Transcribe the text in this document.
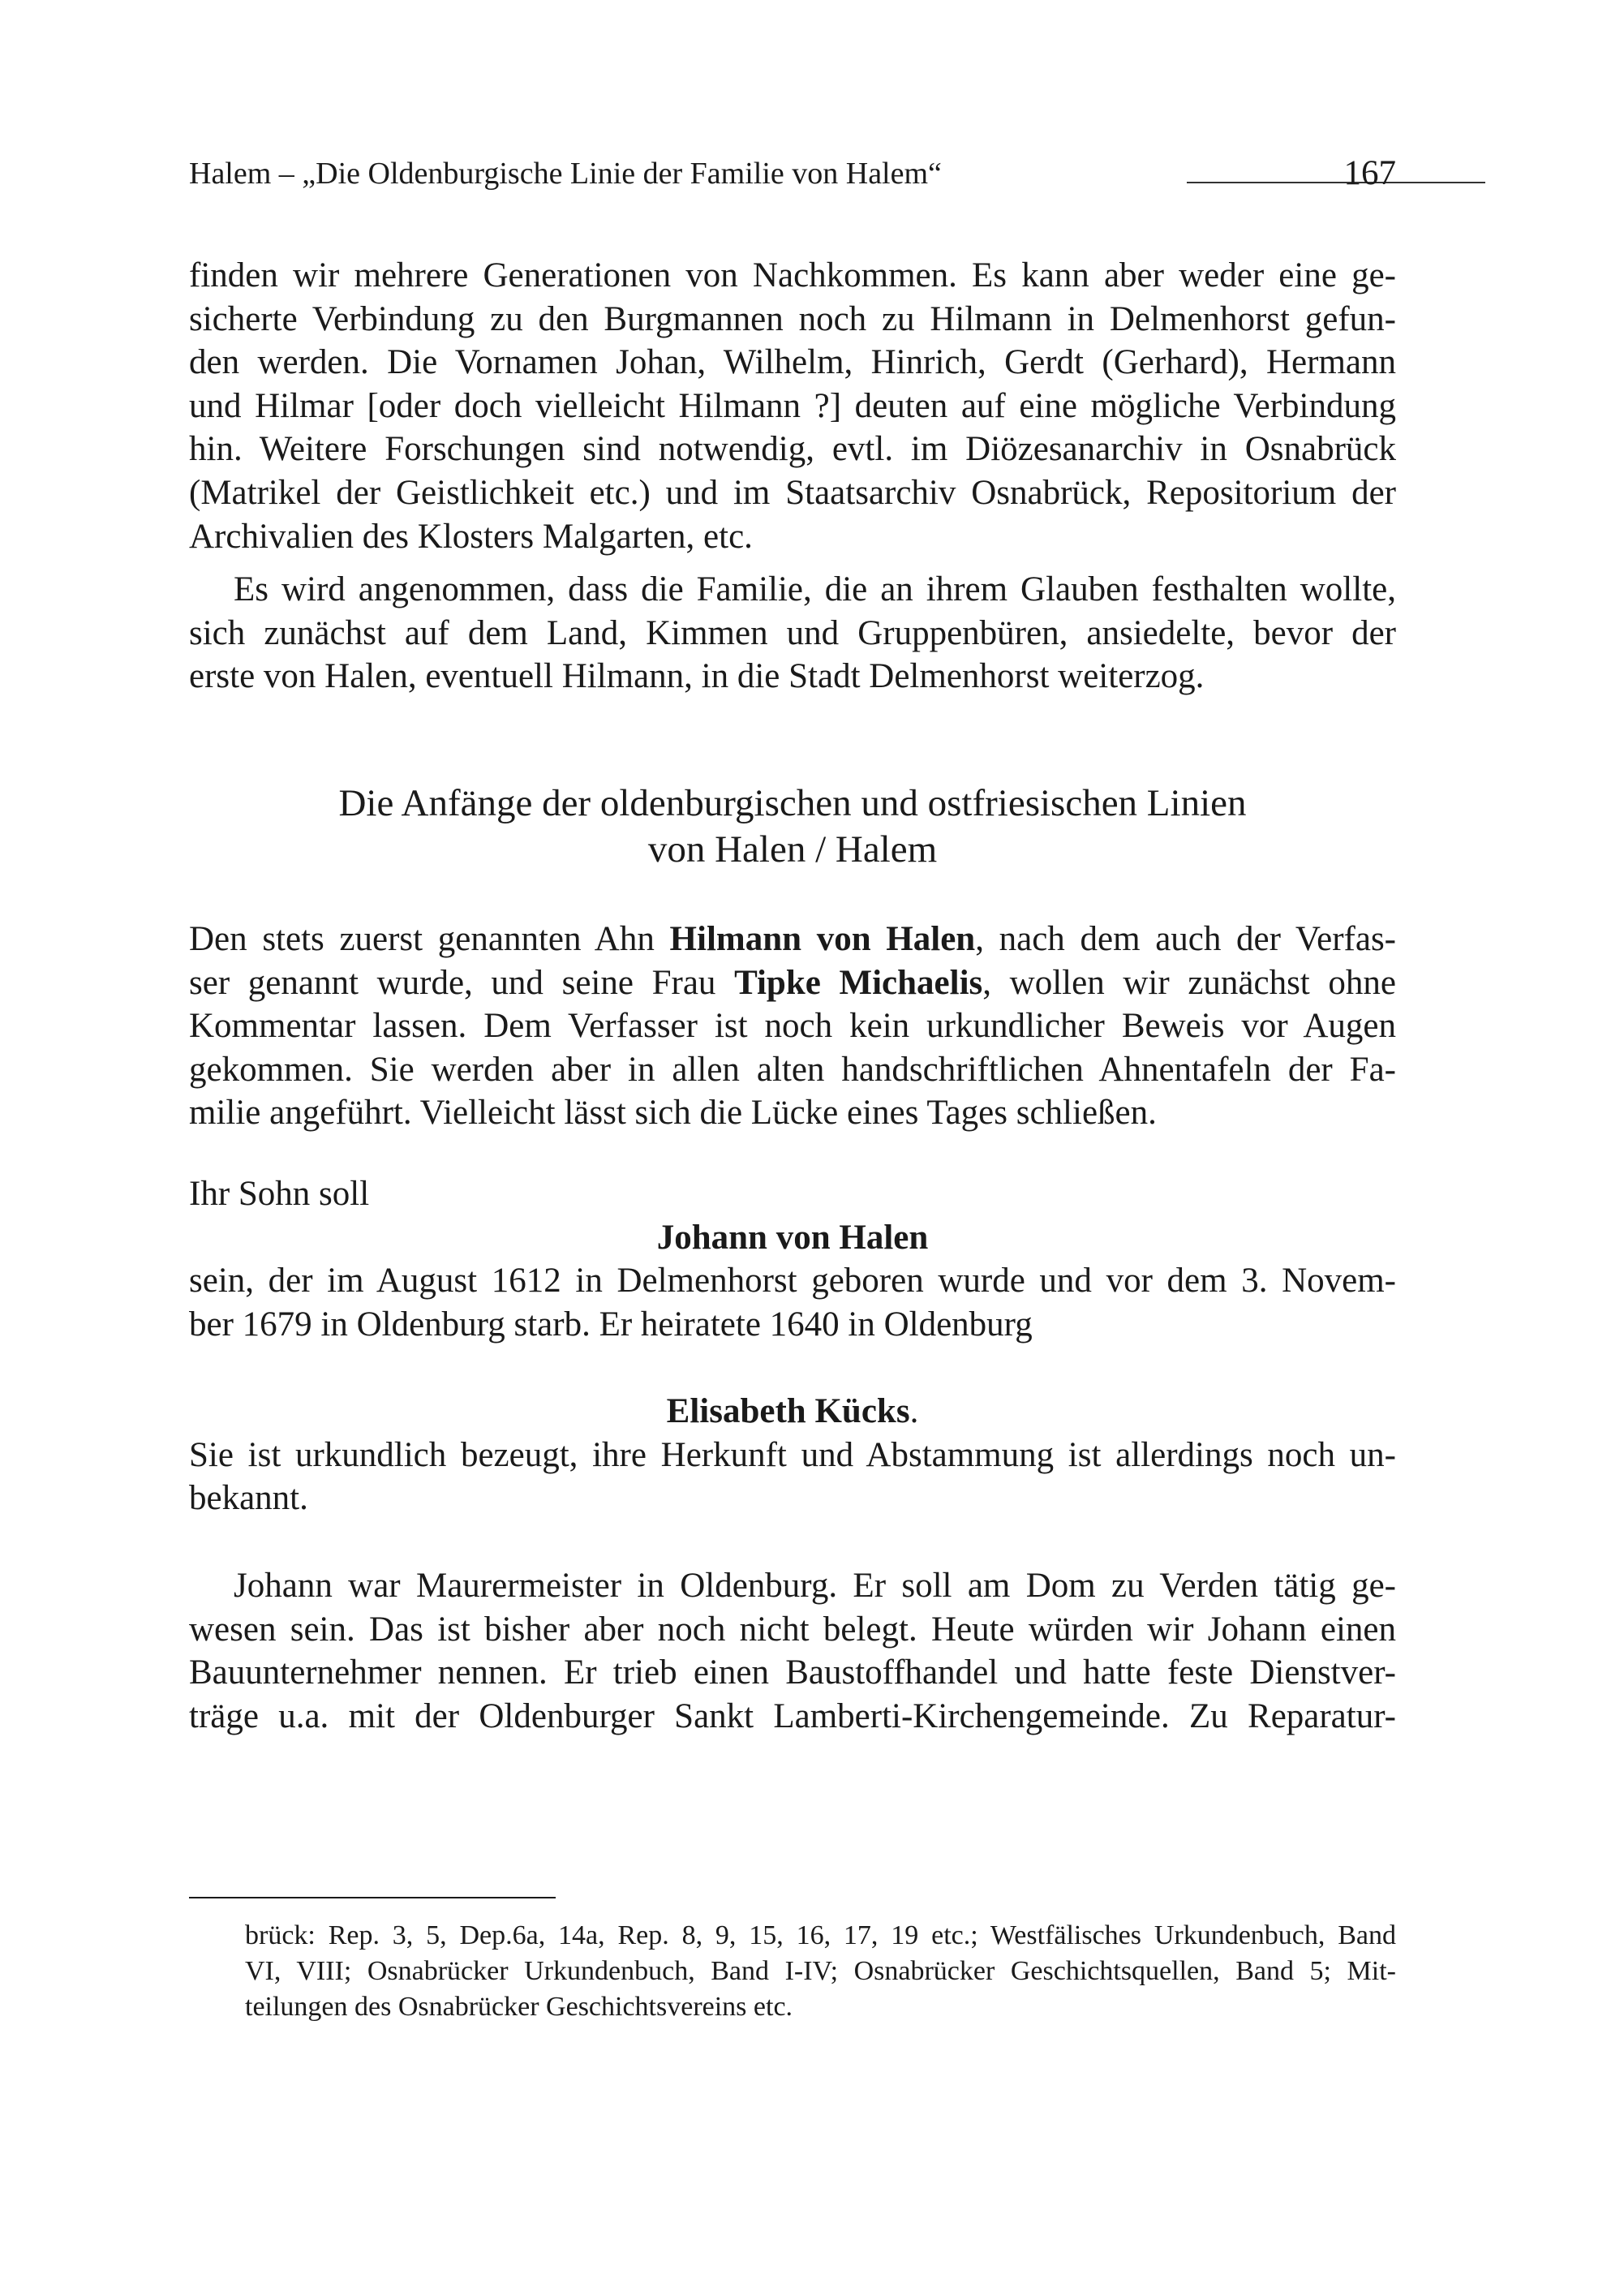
Halem – „Die Oldenburgische Linie der Familie von Halem“	167
finden wir mehrere Generationen von Nachkommen. Es kann aber weder eine ge-
sicherte Verbindung zu den Burgmannen noch zu Hilmann in Delmenhorst gefun-
den werden. Die Vornamen Johan, Wilhelm, Hinrich, Gerdt (Gerhard), Hermann
und Hilmar [oder doch vielleicht Hilmann ?] deuten auf eine mögliche Verbindung
hin. Weitere Forschungen sind notwendig, evtl. im Diözesanarchiv in Osnabrück
(Matrikel der Geistlichkeit etc.) und im Staatsarchiv Osnabrück, Repositorium der
Archivalien des Klosters Malgarten, etc.
Es wird angenommen, dass die Familie, die an ihrem Glauben festhalten wollte,
sich zunächst auf dem Land, Kimmen und Gruppenbüren, ansiedelte, bevor der
erste von Halen, eventuell Hilmann, in die Stadt Delmenhorst weiterzog.
Die Anfänge der oldenburgischen und ostfriesischen Linien
von Halen / Halem
Den stets zuerst genannten Ahn Hilmann von Halen, nach dem auch der Verfas-
ser genannt wurde, und seine Frau Tipke Michaelis, wollen wir zunächst ohne
Kommentar lassen. Dem Verfasser ist noch kein urkundlicher Beweis vor Augen
gekommen. Sie werden aber in allen alten handschriftlichen Ahnentafeln der Fa-
milie angeführt. Vielleicht lässt sich die Lücke eines Tages schließen.
Ihr Sohn soll
Johann von Halen
sein, der im August 1612 in Delmenhorst geboren wurde und vor dem 3. Novem-
ber 1679 in Oldenburg starb. Er heiratete 1640 in Oldenburg
Elisabeth Kücks.
Sie ist urkundlich bezeugt, ihre Herkunft und Abstammung ist allerdings noch un-
bekannt.
Johann war Maurermeister in Oldenburg. Er soll am Dom zu Verden tätig ge-
wesen sein. Das ist bisher aber noch nicht belegt. Heute würden wir Johann einen
Bauunternehmer nennen. Er trieb einen Baustoffhandel und hatte feste Dienstver-
träge u.a. mit der Oldenburger Sankt Lamberti-Kirchengemeinde. Zu Reparatur-
brück: Rep. 3, 5, Dep.6a, 14a, Rep. 8, 9, 15, 16, 17, 19 etc.; Westfälisches Urkundenbuch, Band
VI, VIII; Osnabrücker Urkundenbuch, Band I-IV; Osnabrücker Geschichtsquellen, Band 5; Mit-
teilungen des Osnabrücker Geschichtsvereins etc.
